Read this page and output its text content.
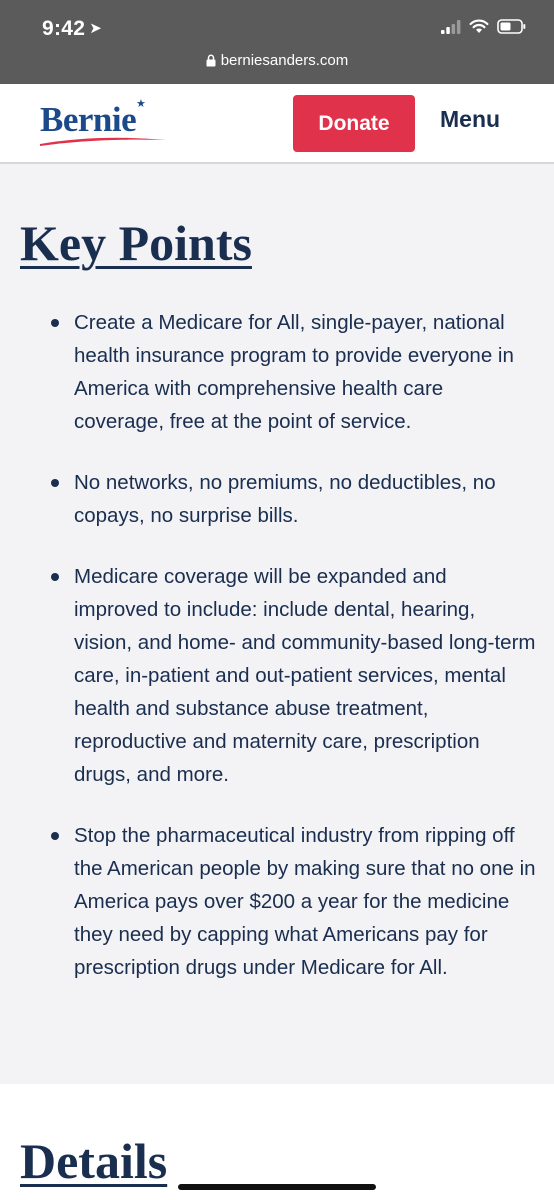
9:42 ➤
berniesanders.com
Bernie ★
Donate	Menu
Key Points
Create a Medicare for All, single-payer, national health insurance program to provide everyone in America with comprehensive health care coverage, free at the point of service.
No networks, no premiums, no deductibles, no copays, no surprise bills.
Medicare coverage will be expanded and improved to include: include dental, hearing, vision, and home- and community-based long-term care, in-patient and out-patient services, mental health and substance abuse treatment, reproductive and maternity care, prescription drugs, and more.
Stop the pharmaceutical industry from ripping off the American people by making sure that no one in America pays over $200 a year for the medicine they need by capping what Americans pay for prescription drugs under Medicare for All.
Details
